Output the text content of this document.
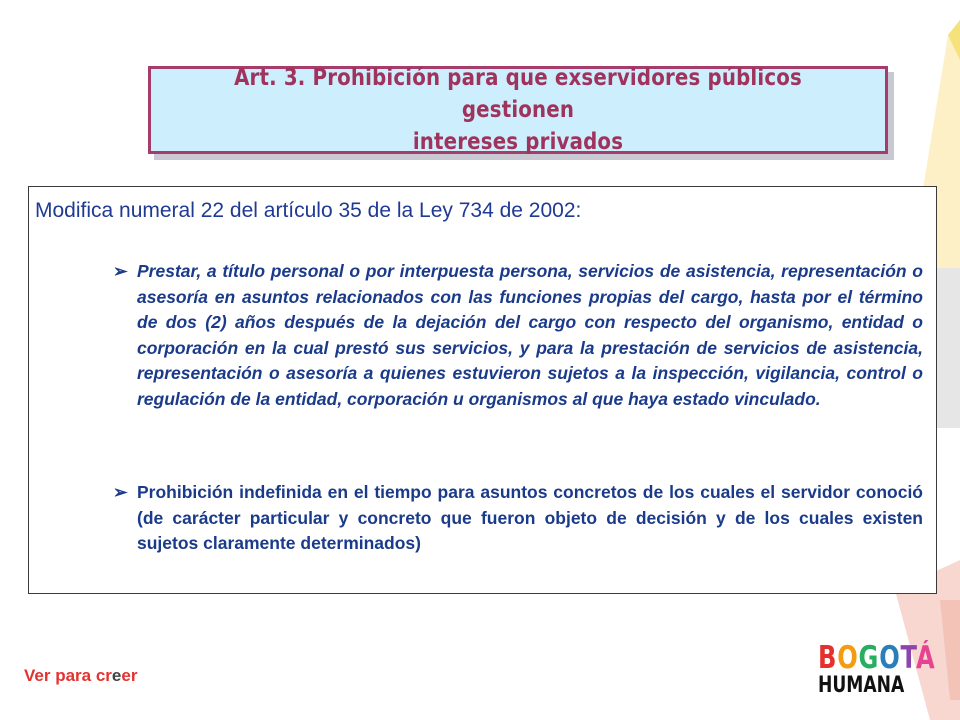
Art. 3. Prohibición para que exservidores públicos gestionen
intereses privados
Modifica numeral 22 del artículo 35 de la Ley 734 de 2002:
➢ Prestar, a título personal o por interpuesta persona, servicios de asistencia, representación o asesoría en asuntos relacionados con las funciones propias del cargo, hasta por el término de dos (2) años después de la dejación del cargo con respecto del organismo, entidad o corporación en la cual prestó sus servicios, y para la prestación de servicios de asistencia, representación o asesoría a quienes estuvieron sujetos a la inspección, vigilancia, control o regulación de la entidad, corporación u organismos al que haya estado vinculado.
➢ Prohibición indefinida en el tiempo para asuntos concretos de los cuales el servidor conoció (de carácter particular y concreto que fueron objeto de decisión y de los cuales existen sujetos claramente determinados)
Ver para creer	BOGOTÁ
HUMANA
